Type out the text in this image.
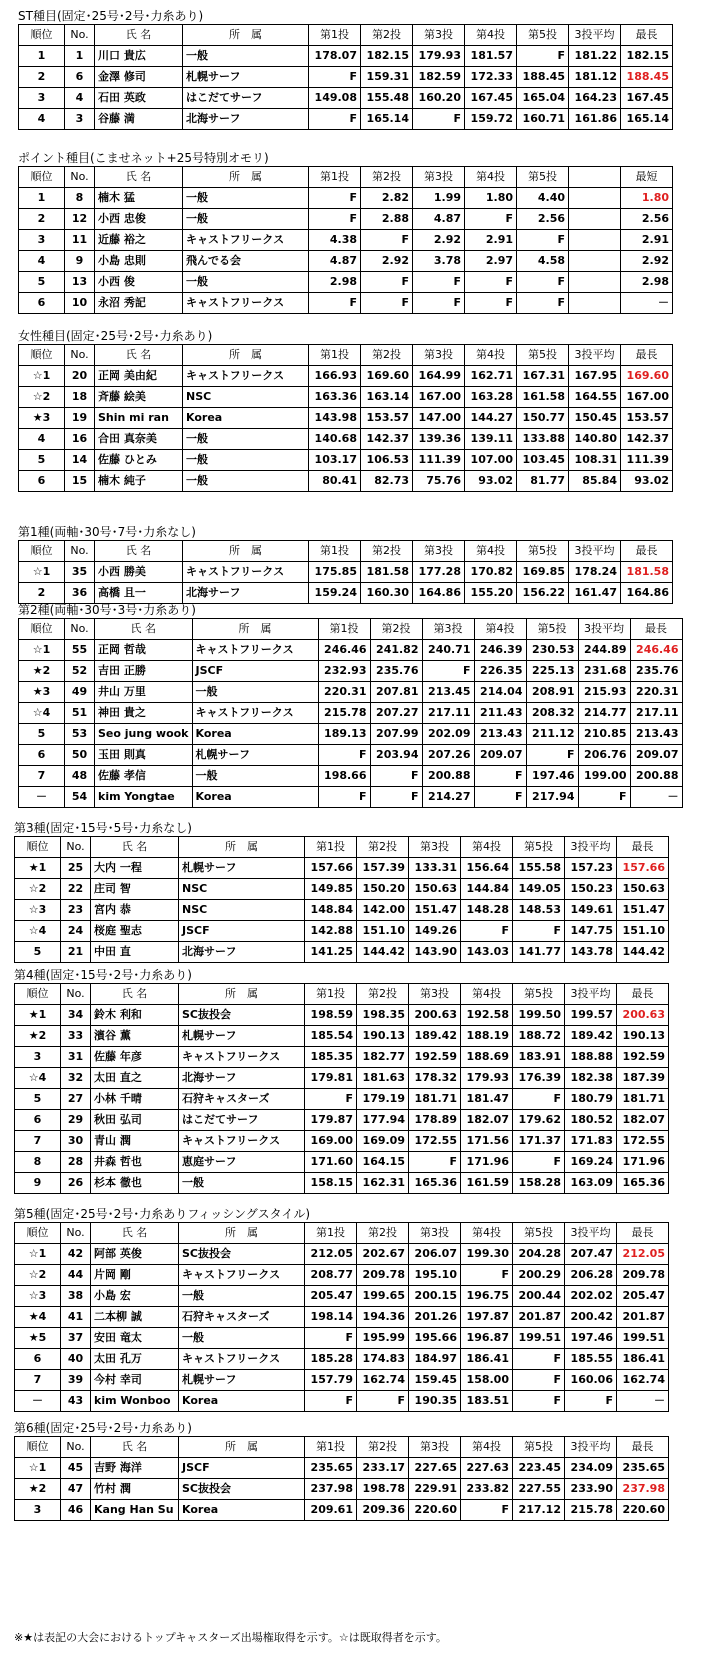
ST種目(固定･25号･2号･力糸あり)
順位	No.	氏 名	所　属	第1投	第2投	第3投	第4投	第5投	3投平均	最長
1	1	川口 貴広	一般	178.07	182.15	179.93	181.57	F	181.22	182.15
2	6	金澤 修司	札幌サーフ	F	159.31	182.59	172.33	188.45	181.12	188.45
3	4	石田 英政	はこだてサーフ	149.08	155.48	160.20	167.45	165.04	164.23	167.45
4	3	谷藤 満	北海サーフ	F	165.14	F	159.72	160.71	161.86	165.14
ポイント種目(こませネット+25号特別オモリ)
順位	No.	氏 名	所　属	第1投	第2投	第3投	第4投	第5投		最短
1	8	楠木 猛	一般	F	2.82	1.99	1.80	4.40		1.80
2	12	小西 忠俊	一般	F	2.88	4.87	F	2.56		2.56
3	11	近藤 裕之	キャストフリークス	4.38	F	2.92	2.91	F		2.91
4	9	小島 忠則	飛んでる会	4.87	2.92	3.78	2.97	4.58		2.92
5	13	小西 俊	一般	2.98	F	F	F	F		2.98
6	10	永沼 秀記	キャストフリークス	F	F	F	F	F		－
女性種目(固定･25号･2号･力糸あり)
順位	No.	氏 名	所　属	第1投	第2投	第3投	第4投	第5投	3投平均	最長
☆1	20	正岡 美由紀	キャストフリークス	166.93	169.60	164.99	162.71	167.31	167.95	169.60
☆2	18	斉藤 絵美	NSC	163.36	163.14	167.00	163.28	161.58	164.55	167.00
★3	19	Shin mi ran	Korea	143.98	153.57	147.00	144.27	150.77	150.45	153.57
4	16	合田 真奈美	一般	140.68	142.37	139.36	139.11	133.88	140.80	142.37
5	14	佐藤 ひとみ	一般	103.17	106.53	111.39	107.00	103.45	108.31	111.39
6	15	楠木 純子	一般	80.41	82.73	75.76	93.02	81.77	85.84	93.02
第1種(両軸･30号･7号･力糸なし)
順位	No.	氏 名	所　属	第1投	第2投	第3投	第4投	第5投	3投平均	最長
☆1	35	小西 勝美	キャストフリークス	175.85	181.58	177.28	170.82	169.85	178.24	181.58
2	36	高橋 且一	北海サーフ	159.24	160.30	164.86	155.20	156.22	161.47	164.86
第2種(両軸･30号･3号･力糸あり)
順位	No.	氏 名	所　属	第1投	第2投	第3投	第4投	第5投	3投平均	最長
☆1	55	正岡 哲哉	キャストフリークス	246.46	241.82	240.71	246.39	230.53	244.89	246.46
★2	52	吉田 正勝	JSCF	232.93	235.76	F	226.35	225.13	231.68	235.76
★3	49	井山 万里	一般	220.31	207.81	213.45	214.04	208.91	215.93	220.31
☆4	51	神田 貴之	キャストフリークス	215.78	207.27	217.11	211.43	208.32	214.77	217.11
5	53	Seo jung wook	Korea	189.13	207.99	202.09	213.43	211.12	210.85	213.43
6	50	玉田 則真	札幌サーフ	F	203.94	207.26	209.07	F	206.76	209.07
7	48	佐藤 孝信	一般	198.66	F	200.88	F	197.46	199.00	200.88
－	54	kim Yongtae	Korea	F	F	214.27	F	217.94	F	－
第3種(固定･15号･5号･力糸なし)
順位	No.	氏 名	所　属	第1投	第2投	第3投	第4投	第5投	3投平均	最長
★1	25	大内 一程	札幌サーフ	157.66	157.39	133.31	156.64	155.58	157.23	157.66
☆2	22	庄司 智	NSC	149.85	150.20	150.63	144.84	149.05	150.23	150.63
☆3	23	宮内 恭	NSC	148.84	142.00	151.47	148.28	148.53	149.61	151.47
☆4	24	桜庭 聖志	JSCF	142.88	151.10	149.26	F	F	147.75	151.10
5	21	中田 直	北海サーフ	141.25	144.42	143.90	143.03	141.77	143.78	144.42
第4種(固定･15号･2号･力糸あり)
順位	No.	氏 名	所　属	第1投	第2投	第3投	第4投	第5投	3投平均	最長
★1	34	鈴木 利和	SC抜投会	198.59	198.35	200.63	192.58	199.50	199.57	200.63
★2	33	濱谷 薫	札幌サーフ	185.54	190.13	189.42	188.19	188.72	189.42	190.13
3	31	佐藤 年彦	キャストフリークス	185.35	182.77	192.59	188.69	183.91	188.88	192.59
☆4	32	太田 直之	北海サーフ	179.81	181.63	178.32	179.93	176.39	182.38	187.39
5	27	小林 千晴	石狩キャスターズ	F	179.19	181.71	181.47	F	180.79	181.71
6	29	秋田 弘司	はこだてサーフ	179.87	177.94	178.89	182.07	179.62	180.52	182.07
7	30	青山 潤	キャストフリークス	169.00	169.09	172.55	171.56	171.37	171.83	172.55
8	28	井森 哲也	恵庭サーフ	171.60	164.15	F	171.96	F	169.24	171.96
9	26	杉本 徹也	一般	158.15	162.31	165.36	161.59	158.28	163.09	165.36
第5種(固定･25号･2号･力糸ありフィッシングスタイル)
順位	No.	氏 名	所　属	第1投	第2投	第3投	第4投	第5投	3投平均	最長
☆1	42	阿部 英俊	SC抜投会	212.05	202.67	206.07	199.30	204.28	207.47	212.05
☆2	44	片岡 剛	キャストフリークス	208.77	209.78	195.10	F	200.29	206.28	209.78
☆3	38	小島 宏	一般	205.47	199.65	200.15	196.75	200.44	202.02	205.47
★4	41	二本柳 誠	石狩キャスターズ	198.14	194.36	201.26	197.87	201.87	200.42	201.87
★5	37	安田 竜太	一般	F	195.99	195.66	196.87	199.51	197.46	199.51
6	40	太田 孔万	キャストフリークス	185.28	174.83	184.97	186.41	F	185.55	186.41
7	39	今村 幸司	札幌サーフ	157.79	162.74	159.45	158.00	F	160.06	162.74
－	43	kim Wonboo	Korea	F	F	190.35	183.51	F	F	－
第6種(固定･25号･2号･力糸あり)
順位	No.	氏 名	所　属	第1投	第2投	第3投	第4投	第5投	3投平均	最長
☆1	45	吉野 海洋	JSCF	235.65	233.17	227.65	227.63	223.45	234.09	235.65
★2	47	竹村 潤	SC抜投会	237.98	198.78	229.91	233.82	227.55	233.90	237.98
3	46	Kang Han Su	Korea	209.61	209.36	220.60	F	217.12	215.78	220.60
※★は表記の大会におけるトップキャスターズ出場権取得を示す。☆は既取得者を示す。
